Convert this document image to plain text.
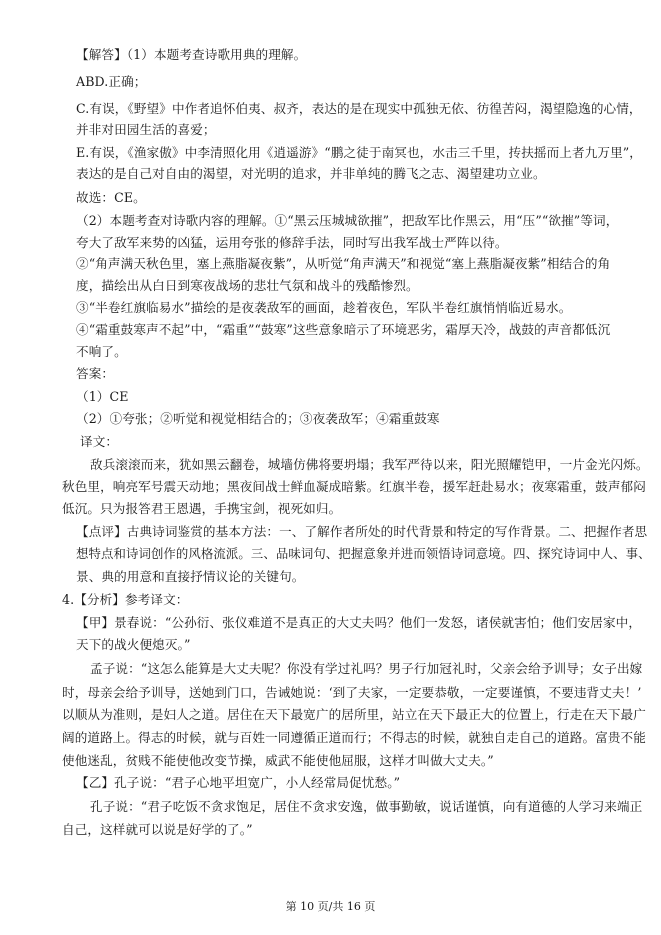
【解答】（1）本题考查诗歌用典的理解。
ABD.正确；
C.有误，《野望》中作者追怀伯夷、叔齐，表达的是在现实中孤独无依、彷徨苦闷，渴望隐逸的心情，
并非对田园生活的喜爱；
E.有误，《渔家傲》中李清照化用《逍遥游》“鹏之徒于南冥也，水击三千里，抟扶摇而上者九万里”，
表达的是自己对自由的渴望，对光明的追求，并非单纯的腾飞之志、渴望建功立业。
故选：CE。
（2）本题考查对诗歌内容的理解。①“黑云压城城欲摧”，把敌军比作黑云，用“压”“欲摧”等词，
夸大了敌军来势的凶猛，运用夸张的修辞手法，同时写出我军战士严阵以待。
②“角声满天秋色里，塞上燕脂凝夜紫”，从听觉“角声满天”和视觉“塞上燕脂凝夜紫”相结合的角
度，描绘出从白日到寒夜战场的悲壮气氛和战斗的残酷惨烈。
③“半卷红旗临易水”描绘的是夜袭敌军的画面，趁着夜色，军队半卷红旗悄悄临近易水。
④“霜重鼓寒声不起”中，“霜重”“鼓寒”这些意象暗示了环境恶劣，霜厚天冷，战鼓的声音都低沉
不响了。
答案：
（1）CE
（2）①夸张；②听觉和视觉相结合的；③夜袭敌军；④霜重鼓寒
译文：
敌兵滚滚而来，犹如黑云翻卷，城墙仿佛将要坍塌；我军严待以来，阳光照耀铠甲，一片金光闪烁。
秋色里，响亮军号震天动地；黑夜间战士鲜血凝成暗紫。红旗半卷，援军赶赴易水；夜寒霜重，鼓声郁闷
低沉。只为报答君王恩遇，手携宝剑，视死如归。
【点评】古典诗词鉴赏的基本方法：一、了解作者所处的时代背景和特定的写作背景。二、把握作者思
想特点和诗词创作的风格流派。三、品味词句、把握意象并进而领悟诗词意境。四、探究诗词中人、事、
景、典的用意和直接抒情议论的关键句。
4.【分析】参考译文：
【甲】景春说：“公孙衍、张仪难道不是真正的大丈夫吗？他们一发怒，诸侯就害怕；他们安居家中，
天下的战火便熄灭。”
孟子说：“这怎么能算是大丈夫呢？你没有学过礼吗？男子行加冠礼时，父亲会给予训导；女子出嫁
时，母亲会给予训导，送她到门口，告诫她说：‘到了夫家，一定要恭敬，一定要谨慎，不要违背丈夫！’
以顺从为准则，是妇人之道。居住在天下最宽广的居所里，站立在天下最正大的位置上，行走在天下最广
阔的道路上。得志的时候，就与百姓一同遵循正道而行；不得志的时候，就独自走自己的道路。富贵不能
使他迷乱，贫贱不能使他改变节操，威武不能使他屈服，这样才叫做大丈夫。”
【乙】孔子说：“君子心地平坦宽广，小人经常局促忧愁。”
孔子说：“君子吃饭不贪求饱足，居住不贪求安逸，做事勤敏，说话谨慎，向有道德的人学习来端正
自己，这样就可以说是好学的了。”
第 10 页/共 16 页
